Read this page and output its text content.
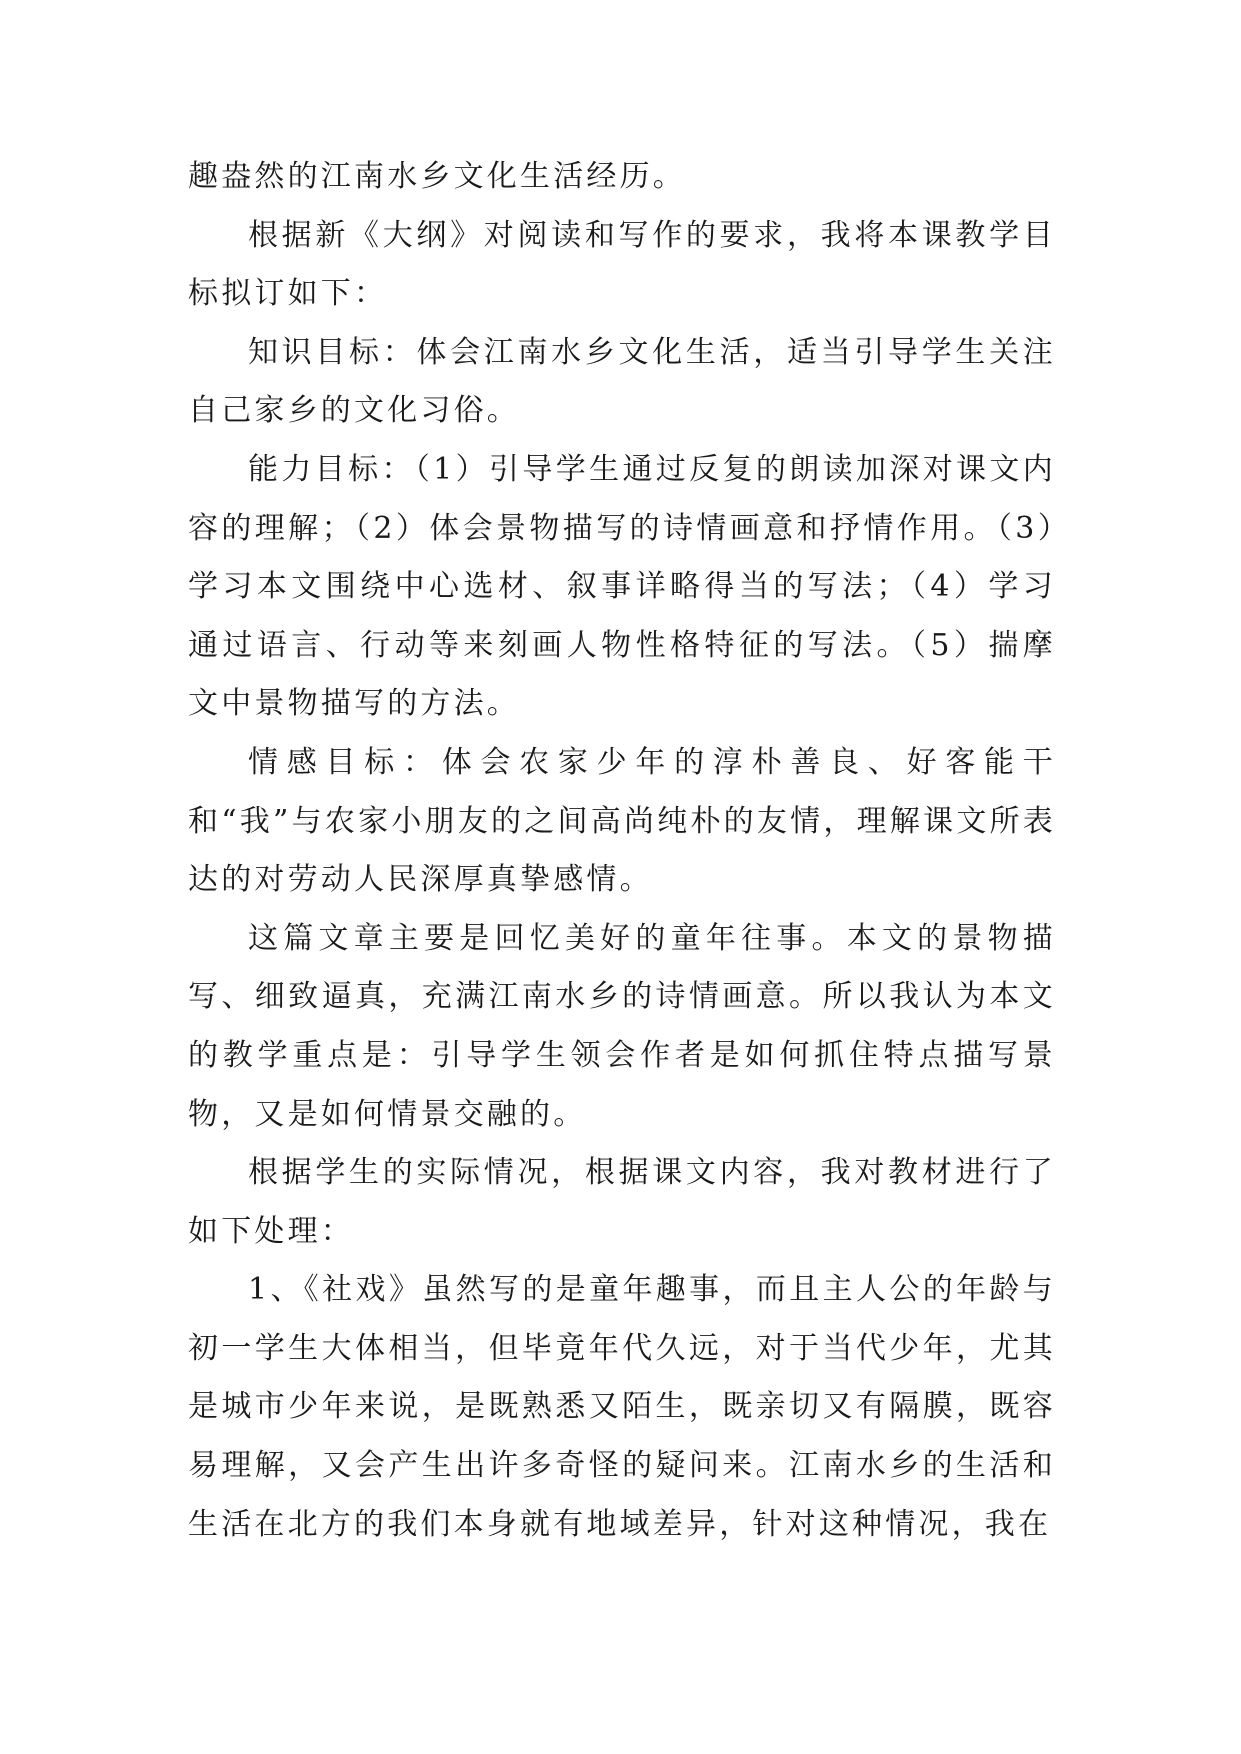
趣盎然的江南水乡文化生活经历。

根据新《大纲》对阅读和写作的要求，我将本课教学目标拟订如下：

知识目标：体会江南水乡文化生活，适当引导学生关注自己家乡的文化习俗。

能力目标：（1）引导学生通过反复的朗读加深对课文内容的理解；（2）体会景物描写的诗情画意和抒情作用。（3）学习本文围绕中心选材、叙事详略得当的写法；（4）学习通过语言、行动等来刻画人物性格特征的写法。（5）揣摩文中景物描写的方法。

情感目标：体会农家少年的淳朴善良、好客能干和“我”与农家小朋友的之间高尚纯朴的友情，理解课文所表达的对劳动人民深厚真挚感情。

这篇文章主要是回忆美好的童年往事。本文的景物描写、细致逼真，充满江南水乡的诗情画意。所以我认为本文的教学重点是：引导学生领会作者是如何抓住特点描写景物，又是如何情景交融的。

根据学生的实际情况，根据课文内容，我对教材进行了如下处理：

1、《社戏》虽然写的是童年趣事，而且主人公的年龄与初一学生大体相当，但毕竟年代久远，对于当代少年，尤其是城市少年来说，是既熟悉又陌生，既亲切又有隔膜，既容易理解，又会产生出许多奇怪的疑问来。江南水乡的生活和生活在北方的我们本身就有地域差异，针对这种情况，我在
